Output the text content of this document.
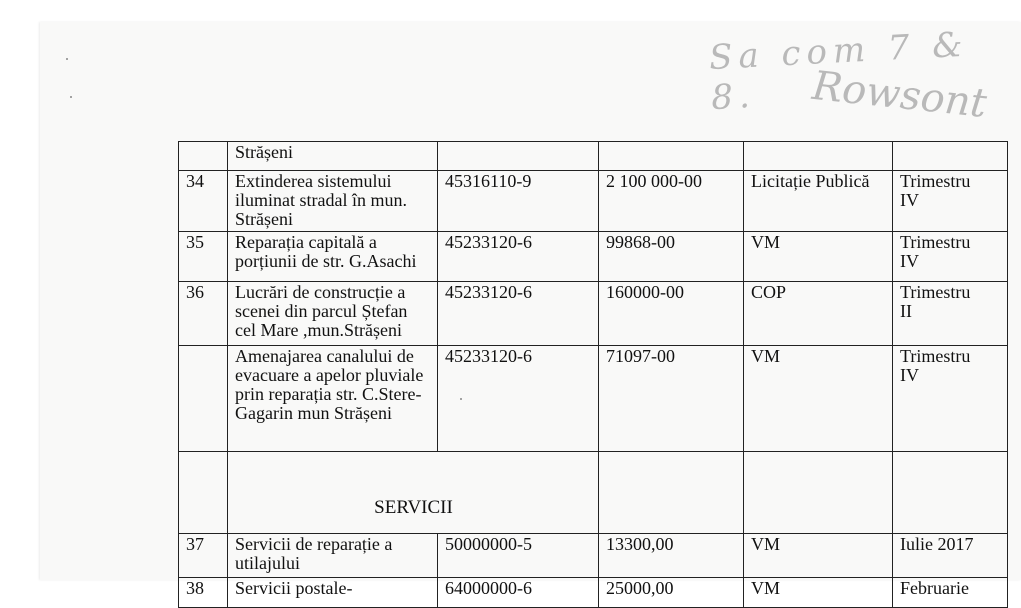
Sa com 7 & 8.	Rowsont
	Strășeni				
34	Extinderea sistemului iluminat stradal în mun. Strășeni	45316110-9	2 100 000-00	Licitație Publică	Trimestru IV
35	Reparația capitală a porțiunii de str. G.Asachi	45233120-6	99868-00	VM	Trimestru IV
36	Lucrări de construcție a scenei din parcul Ștefan cel Mare ,mun.Strășeni	45233120-6	160000-00	COP	Trimestru II
	Amenajarea canalului de evacuare a apelor pluviale prin reparația str. C.Stere-Gagarin mun Strășeni	45233120-6	71097-00	VM	Trimestru IV
	SERVICII				
37	Servicii de reparație a utilajului	50000000-5	13300,00	VM	Iulie 2017
38	Servicii postale-	64000000-6	25000,00	VM	Februarie
